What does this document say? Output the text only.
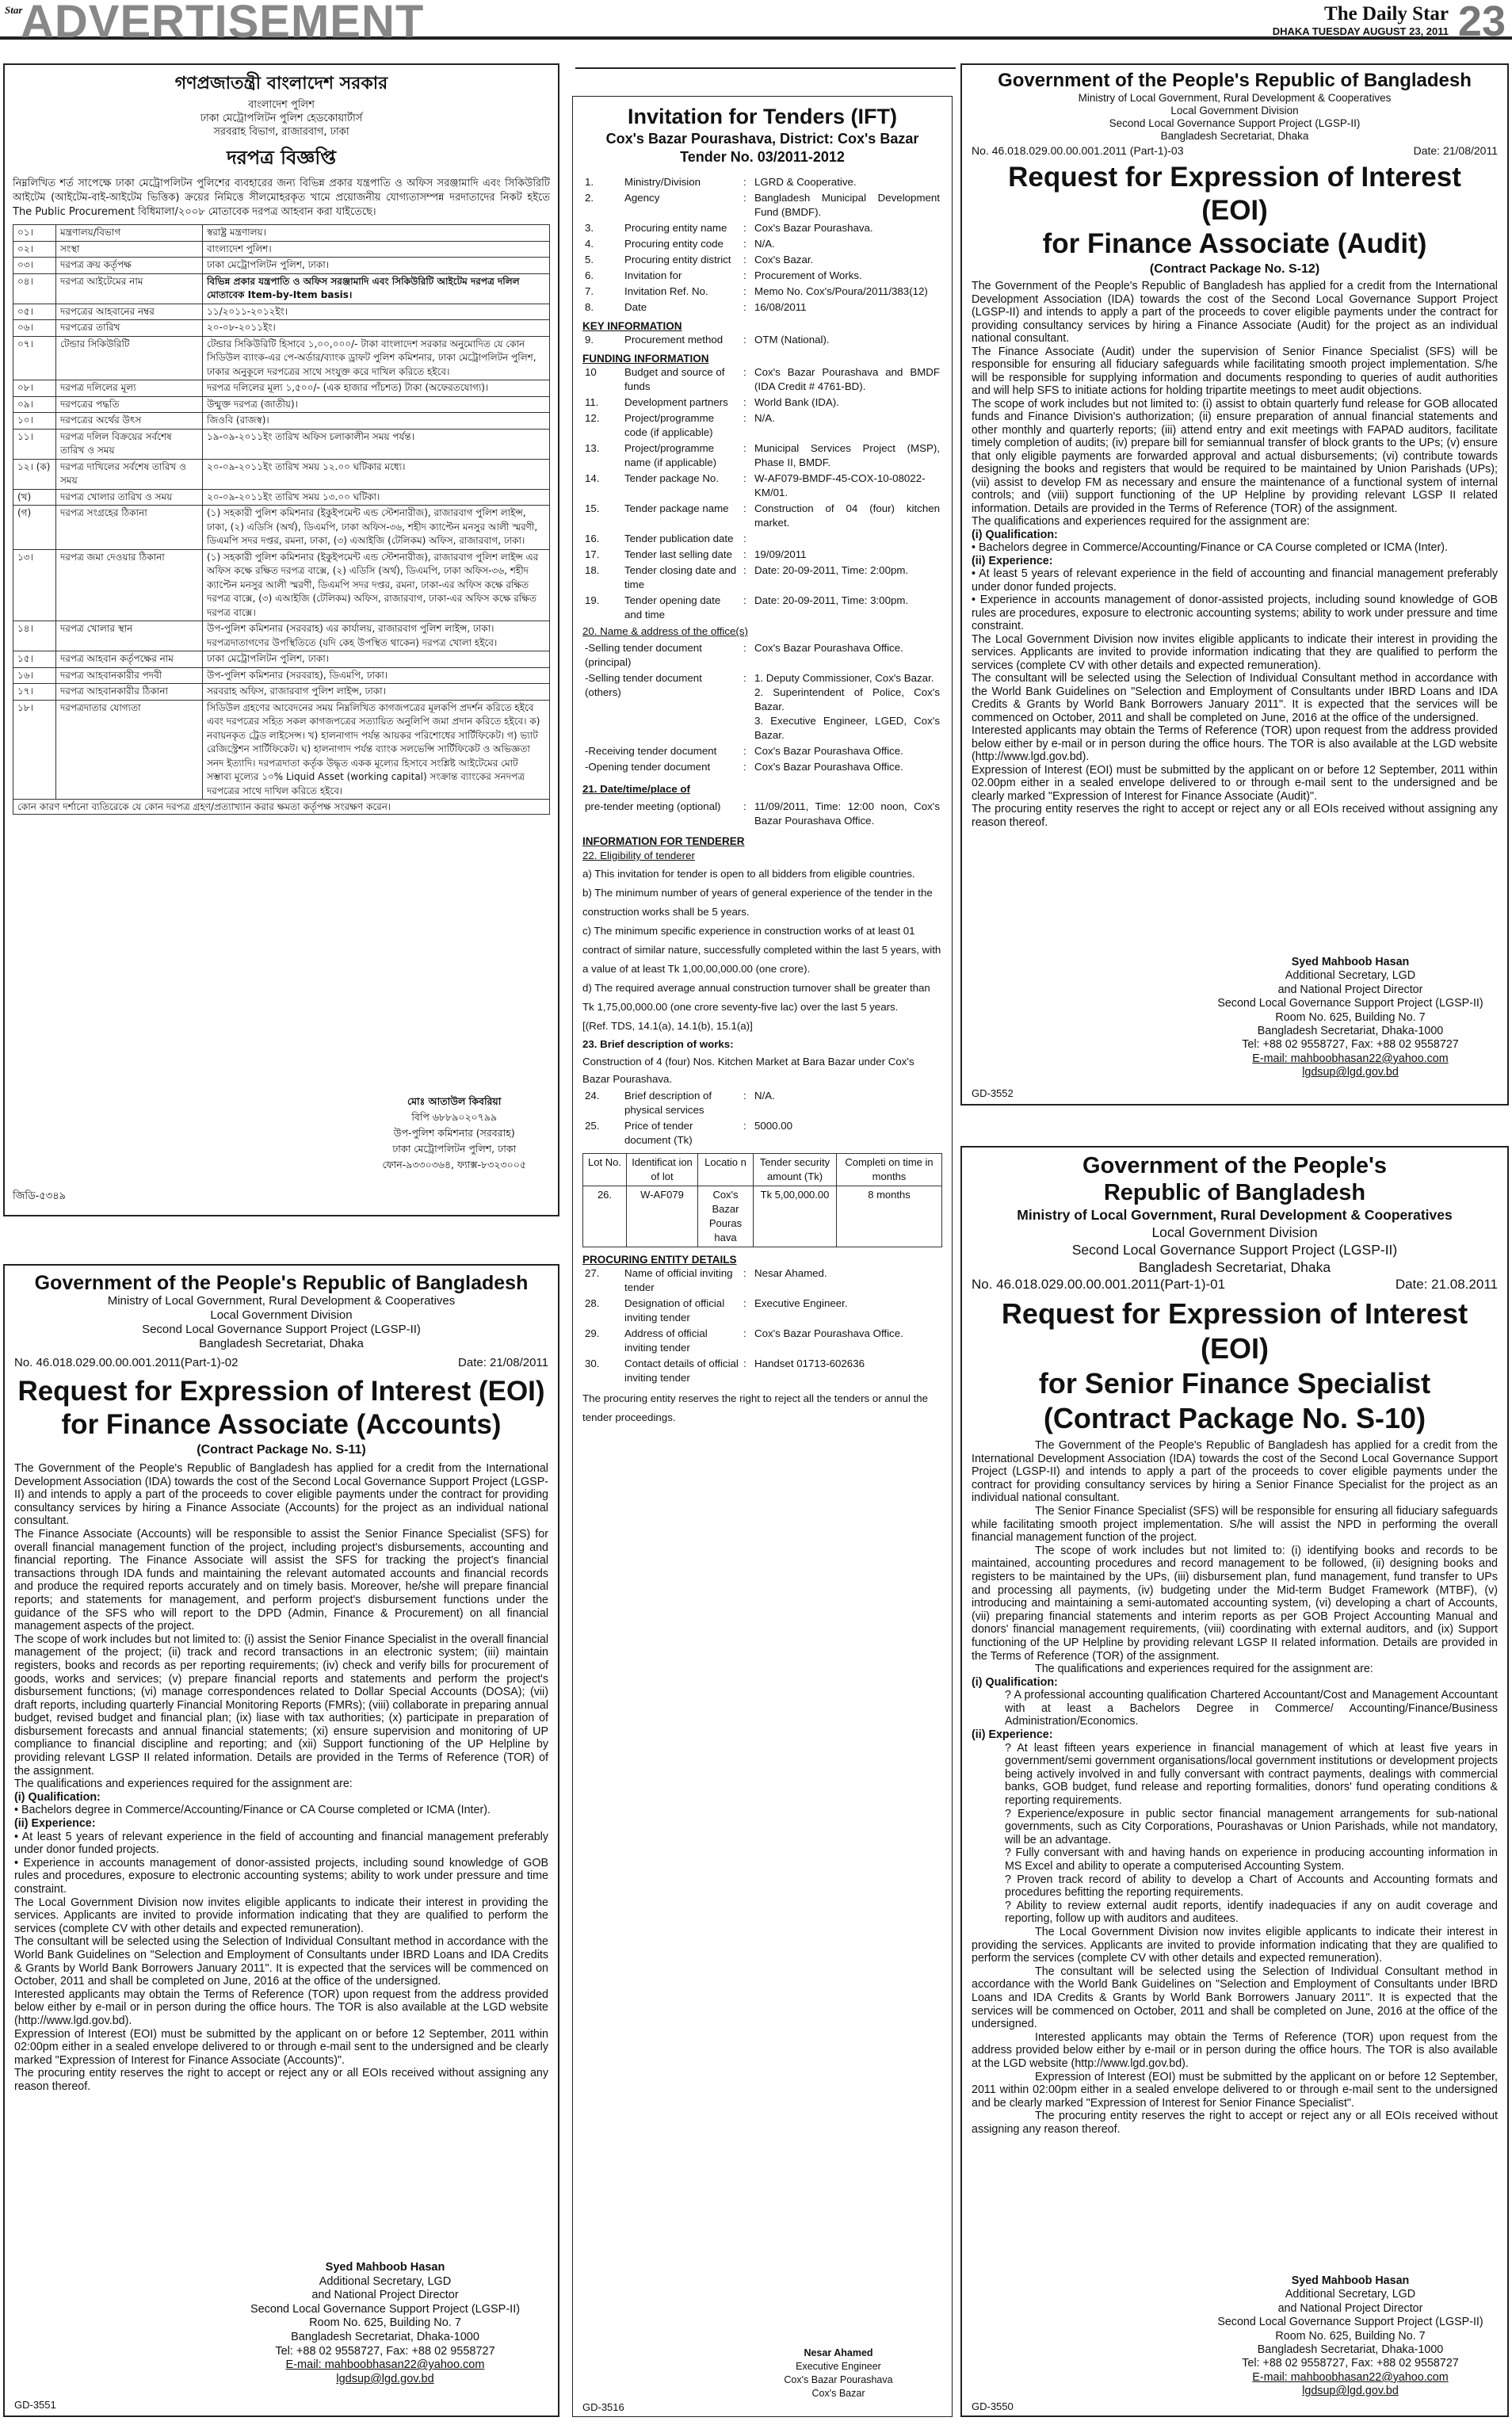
Star
ADVERTISEMENT	The Daily Star
DHAKA TUESDAY AUGUST 23, 2011 23
গণপ্রজাতন্ত্রী বাংলাদেশ সরকার
বাংলাদেশ পুলিশ
ঢাকা মেট্রোপলিটন পুলিশ হেডকোয়ার্টার্স
সরবরাহ বিভাগ, রাজারবাগ, ঢাকা
দরপত্র বিজ্ঞপ্তি

নিম্নলিখিত শর্ত সাপেক্ষে ঢাকা মেট্রোপলিটন পুলিশের ব্যবহারের জন্য বিভিন্ন প্রকার যন্ত্রপাতি ও অফিস সরঞ্জামাদি এবং সিকিউরিটি আইটেম (আইটেম-বাই-আইটেম ভিত্তিক) ক্রয়ের নিমিত্তে সীলমোহরকৃত খামে প্রয়োজনীয় যোগ্যতাসম্পন্ন দরদাতাদের নিকট হইতে The Public Procurement বিধিমালা/২০০৮ মোতাবেক দরপত্র আহবান করা যাইতেছে।

০১।	মন্ত্রণালয়/বিভাগ	স্বরাষ্ট্র মন্ত্রণালয়।
০২।	সংস্থা	বাংলাদেশ পুলিশ।
০৩।	দরপত্র ক্রয় কর্তৃপক্ষ	ঢাকা মেট্রোপলিটন পুলিশ, ঢাকা।
০৪।	দরপত্র আইটেমের নাম	বিভিন্ন প্রকার যন্ত্রপাতি ও অফিস সরঞ্জামাদি এবং সিকিউরিটি আইটেম দরপত্র দলিল মোতাবেক Item-by-Item basis।
০৫।	দরপত্রের আহবানের নম্বর	১১/২০১১-২০১২ইং।
০৬।	দরপত্রের তারিখ	২০-০৮-২০১১ইং।
০৭।	টেন্ডার সিকিউরিটি	টেন্ডার সিকিউরিটি হিসাবে ১,০০,০০০/- টাকা বাংলাদেশ সরকার অনুমোদিত যে কোন সিডিউল ব্যাংক-এর পে-অর্ডার/ব্যাংক ড্রাফট পুলিশ কমিশনার, ঢাকা মেট্রোপলিটন পুলিশ, ঢাকার অনুকূলে দরপত্রের সাথে সংযুক্ত করে দাখিল করিতে হইবে।
০৮।	দরপত্র দলিলের মূল্য	দরপত্র দলিলের মূল্য ১,৫০০/- (এক হাজার পাঁচশত) টাকা (অফেরতযোগ্য)।
০৯।	দরপত্রের পদ্ধতি	উন্মুক্ত দরপত্র (জাতীয়)।
১০।	দরপত্রের অর্থের উৎস	জিওবি (রাজস্ব)।
১১।	দরপত্র দলিল বিক্রয়ের সর্বশেষ তারিখ ও সময়	১৯-০৯-২০১১ইং তারিখ অফিস চলাকালীন সময় পর্যন্ত।
১২। (ক)	দরপত্র দাখিলের সর্বশেষ তারিখ ও সময়	২০-০৯-২০১১ইং তারিখ সময় ১২.০০ ঘটিকার মধ্যে।
(খ)	দরপত্র খোলার তারিখ ও সময়	২০-০৯-২০১১ইং তারিখ সময় ১৩.০০ ঘটিকা।
(গ)	দরপত্র সংগ্রহের ঠিকানা	(১) সহকারী পুলিশ কমিশনার (ইকুইপমেন্ট এন্ড স্টেশনারীজ), রাজারবাগ পুলিশ লাইন্স, ঢাকা, (২) এডিসি (অর্থ), ডিএমপি, ঢাকা অফিস-৩৬, শহীদ ক্যাপ্টেন মনসুর আলী স্মরণী, ডিএমপি সদর দপ্তর, রমনা, ঢাকা, (৩) এআইজি (টেলিকম) অফিস, রাজারবাগ, ঢাকা।
১৩।	দরপত্র জমা দেওয়ার ঠিকানা	(১) সহকারী পুলিশ কমিশনার (ইকুইপমেন্ট এন্ড স্টেশনারীজ), রাজারবাগ পুলিশ লাইন্স এর অফিস কক্ষে রক্ষিত দরপত্র বাক্সে, (২) এডিসি (অর্থ), ডিএমপি, ঢাকা অফিস-৩৬, শহীদ ক্যাপ্টেন মনসুর আলী স্মরণী, ডিএমপি সদর দপ্তর, রমনা, ঢাকা-এর অফিস কক্ষে রক্ষিত দরপত্র বাক্সে, (৩) এআইজি (টেলিকম) অফিস, রাজারবাগ, ঢাকা-এর অফিস কক্ষে রক্ষিত দরপত্র বাক্সে।
১৪।	দরপত্র খোলার স্থান	উপ-পুলিশ কমিশনার (সরবরাহ) এর কার্যালয়, রাজারবাগ পুলিশ লাইন্স, ঢাকা। দরপত্রদাতাগণের উপস্থিতিতে (যদি কেহ উপস্থিত থাকেন) দরপত্র খোলা হইবে।
১৫।	দরপত্র আহবান কর্তৃপক্ষের নাম	ঢাকা মেট্রোপলিটন পুলিশ, ঢাকা।
১৬।	দরপত্র আহবানকারীর পদবী	উপ-পুলিশ কমিশনার (সরবরাহ), ডিএমপি, ঢাকা।
১৭।	দরপত্র আহবানকারীর ঠিকানা	সরবরাহ অফিস, রাজারবাগ পুলিশ লাইন্স, ঢাকা।
১৮।	দরপত্রদাতার যোগ্যতা	সিডিউল গ্রহণের আবেদনের সময় নিম্নলিখিত কাগজপত্রের মূলকপি প্রদর্শন করিতে হইবে এবং দরপত্রের সহিত সকল কাগজপত্রের সত্যায়িত অনুলিপি জমা প্রদান করিতে হইবে। ক) নবায়নকৃত ট্রেড লাইসেন্স। খ) হালনাগাদ পর্যন্ত আয়কর পরিশোধের সার্টিফিকেট। গ) ভ্যাট রেজিস্ট্রেশন সার্টিফিকেট। ঘ) হালনাগাদ পর্যন্ত ব্যাংক সলভেন্সি সার্টিফিকেট ও অভিজ্ঞতা সনদ ইত্যাদি। দরপত্রদাতা কর্তৃক উদ্ধৃত একক মূল্যের হিসাবে সংশ্লিষ্ট আইটেমের মোট সম্ভাব্য মূল্যের ১০% Liquid Asset (working capital) সংক্রান্ত ব্যাংকের সনদপত্র দরপত্রের সাথে দাখিল করিতে হইবে।

কোন কারণ দর্শানো ব্যতিরেকে যে কোন দরপত্র গ্রহণ/প্রত্যাখ্যান করার ক্ষমতা কর্তৃপক্ষ সংরক্ষণ করেন।

মোঃ আতাউল কিবরিয়া
বিপি ৬৮৮৯০২০৭৯৯
উপ-পুলিশ কমিশনার (সরবরাহ)
ঢাকা মেট্রোপলিটন পুলিশ, ঢাকা
ফোন-৯৩৩০৩৬৪, ফ্যাক্স-৮৩২৩০০৫
জিডি-৫৩৪৯
Government of the People's Republic of Bangladesh
Ministry of Local Government, Rural Development & Cooperatives
Local Government Division
Second Local Governance Support Project (LGSP-II)
Bangladesh Secretariat, Dhaka
No. 46.018.029.00.00.001.2011(Part-1)-02	Date: 21/08/2011
Request for Expression of Interest (EOI)
for Finance Associate (Accounts)
(Contract Package No. S-11)

The Government of the People's Republic of Bangladesh has applied for a credit from the International Development Association (IDA) towards the cost of the Second Local Governance Support Project (LGSP-II) and intends to apply a part of the proceeds to cover eligible payments under the contract for providing consultancy services by hiring a Finance Associate (Accounts) for the project as an individual national consultant.

The Finance Associate (Accounts) will be responsible to assist the Senior Finance Specialist (SFS) for overall financial management function of the project, including project's disbursements, accounting and financial reporting. The Finance Associate will assist the SFS for tracking the project's financial transactions through IDA funds and maintaining the relevant automated accounts and financial records and produce the required reports accurately and on timely basis. Moreover, he/she will prepare financial reports; and statements for management, and perform project's disbursement functions under the guidance of the SFS who will report to the DPD (Admin, Finance & Procurement) on all financial management aspects of the project.

The scope of work includes but not limited to: (i) assist the Senior Finance Specialist in the overall financial management of the project; (ii) track and record transactions in an electronic system; (iii) maintain registers, books and records as per reporting requirements; (iv) check and verify bills for procurement of goods, works and services; (v) prepare financial reports and statements and perform the project's disbursement functions; (vi) manage correspondences related to Dollar Special Accounts (DOSA); (vii) draft reports, including quarterly Financial Monitoring Reports (FMRs); (viii) collaborate in preparing annual budget, revised budget and financial plan; (ix) liase with tax authorities; (x) participate in preparation of disbursement forecasts and annual financial statements; (xi) ensure supervision and monitoring of UP compliance to financial discipline and reporting; and (xii) Support functioning of the UP Helpline by providing relevant LGSP II related information. Details are provided in the Terms of Reference (TOR) of the assignment.

The qualifications and experiences required for the assignment are:

(i) Qualification:

• Bachelors degree in Commerce/Accounting/Finance or CA Course completed or ICMA (Inter).

(ii) Experience:

• At least 5 years of relevant experience in the field of accounting and financial management preferably under donor funded projects.

• Experience in accounts management of donor-assisted projects, including sound knowledge of GOB rules and procedures, exposure to electronic accounting systems; ability to work under pressure and time constraint.

The Local Government Division now invites eligible applicants to indicate their interest in providing the services. Applicants are invited to provide information indicating that they are qualified to perform the services (complete CV with other details and expected remuneration).

The consultant will be selected using the Selection of Individual Consultant method in accordance with the World Bank Guidelines on "Selection and Employment of Consultants under IBRD Loans and IDA Credits & Grants by World Bank Borrowers January 2011". It is expected that the services will be commenced on October, 2011 and shall be completed on June, 2016 at the office of the undersigned.

Interested applicants may obtain the Terms of Reference (TOR) upon request from the address provided below either by e-mail or in person during the office hours. The TOR is also available at the LGD website (http://www.lgd.gov.bd).

Expression of Interest (EOI) must be submitted by the applicant on or before 12 September, 2011 within 02:00pm either in a sealed envelope delivered to or through e-mail sent to the undersigned and be clearly marked "Expression of Interest for Finance Associate (Accounts)".

The procuring entity reserves the right to accept or reject any or all EOIs received without assigning any reason thereof.

Syed Mahboob Hasan
Additional Secretary, LGD
and National Project Director
Second Local Governance Support Project (LGSP-II)
Room No. 625, Building No. 7
Bangladesh Secretariat, Dhaka-1000
Tel: +88 02 9558727, Fax: +88 02 9558727
E-mail: mahboobhasan22@yahoo.com
lgdsup@lgd.gov.bd
GD-3551
Invitation for Tenders (IFT)
Cox's Bazar Pourashava, District: Cox's Bazar
Tender No. 03/2011-2012
1.	Ministry/Division	:	LGRD & Cooperative.
2.	Agency	:	Bangladesh Municipal Development Fund (BMDF).
3.	Procuring entity name	:	Cox's Bazar Pourashava.
4.	Procuring entity code	:	N/A.
5.	Procuring entity district	:	Cox's Bazar.
6.	Invitation for	:	Procurement of Works.
7.	Invitation Ref. No.	:	Memo No. Cox's/Poura/2011/383(12)
8.	Date	:	16/08/2011
KEY INFORMATION
9.	Procurement method	:	OTM (National).
FUNDING INFORMATION
10	Budget and source of funds	:	Cox's Bazar Pourashava and BMDF (IDA Credit # 4761-BD).
11.	Development partners	:	World Bank (IDA).
12.	Project/programme code (if applicable)	:	N/A.
13.	Project/programme name (if applicable)	:	Municipal Services Project (MSP), Phase II, BMDF.
14.	Tender package No.	:	W-AF079-BMDF-45-COX-10-08022-KM/01.
15.	Tender package name	:	Construction of 04 (four) kitchen market.
16.	Tender publication date	:	
17.	Tender last selling date	:	19/09/2011
18.	Tender closing date and time	:	Date: 20-09-2011, Time: 2:00pm.
19.	Tender opening date and time	:	Date: 20-09-2011, Time: 3:00pm.
20. Name & address of the office(s)
-Selling tender document (principal)	:	Cox's Bazar Pourashava Office.
-Selling tender document (others)	:	1. Deputy Commissioner, Cox's Bazar.
2. Superintendent of Police, Cox's Bazar.
3. Executive Engineer, LGED, Cox's Bazar.
-Receiving tender document	:	Cox's Bazar Pourashava Office.
-Opening tender document	:	Cox's Bazar Pourashava Office.
21. Date/time/place of
pre-tender meeting (optional)	:	11/09/2011, Time: 12:00 noon, Cox's Bazar Pourashava Office.
INFORMATION FOR TENDERER
22. Eligibility of tenderer

a) This invitation for tender is open to all bidders from eligible countries.

b) The minimum number of years of general experience of the tender in the construction works shall be 5 years.

c) The minimum specific experience in construction works of at least 01 contract of similar nature, successfully completed within the last 5 years, with a value of at least Tk 1,00,00,000.00 (one crore).

d) The required average annual construction turnover shall be greater than Tk 1,75,00,000.00 (one crore seventy-five lac) over the last 5 years.

[(Ref. TDS, 14.1(a), 14.1(b), 15.1(a)]

23. Brief description of works:

Construction of 4 (four) Nos. Kitchen Market at Bara Bazar under Cox's Bazar Pourashava.

24.	Brief description of physical services	:	N/A.
25.	Price of tender document (Tk)	:	5000.00
Lot No.	Identificat ion of lot	Locatio n	Tender security amount (Tk)	Completi on time in months
26.	W-AF079	Cox's Bazar Pouras hava	Tk 5,00,000.00	8 months
PROCURING ENTITY DETAILS
27.	Name of official inviting tender	:	Nesar Ahamed.
28.	Designation of official inviting tender	:	Executive Engineer.
29.	Address of official inviting tender	:	Cox's Bazar Pourashava Office.
30.	Contact details of official inviting tender	:	Handset 01713-602636

The procuring entity reserves the right to reject all the tenders or annul the tender proceedings.

Nesar Ahamed
Executive Engineer
Cox's Bazar Pourashava
Cox's Bazar
GD-3516
Government of the People's Republic of Bangladesh
Ministry of Local Government, Rural Development & Cooperatives
Local Government Division
Second Local Governance Support Project (LGSP-II)
Bangladesh Secretariat, Dhaka
No. 46.018.029.00.00.001.2011 (Part-1)-03	Date: 21/08/2011
Request for Expression of Interest (EOI)
for Finance Associate (Audit)
(Contract Package No. S-12)

The Government of the People's Republic of Bangladesh has applied for a credit from the International Development Association (IDA) towards the cost of the Second Local Governance Support Project (LGSP-II) and intends to apply a part of the proceeds to cover eligible payments under the contract for providing consultancy services by hiring a Finance Associate (Audit) for the project as an individual national consultant.

The Finance Associate (Audit) under the supervision of Senior Finance Specialist (SFS) will be responsible for ensuring all fiduciary safeguards while facilitating smooth project implementation. S/he will be responsible for supplying information and documents responding to queries of audit authorities and will help SFS to initiate actions for holding tripartite meetings to meet audit objections.

The scope of work includes but not limited to: (i) assist to obtain quarterly fund release for GOB allocated funds and Finance Division's authorization; (ii) ensure preparation of annual financial statements and other monthly and quarterly reports; (iii) attend entry and exit meetings with FAPAD auditors, facilitate timely completion of audits; (iv) prepare bill for semiannual transfer of block grants to the UPs; (v) ensure that only eligible payments are forwarded approval and actual disbursements; (vi) contribute towards designing the books and registers that would be required to be maintained by Union Parishads (UPs); (vii) assist to develop FM as necessary and ensure the maintenance of a functional system of internal controls; and (viii) support functioning of the UP Helpline by providing relevant LGSP II related information. Details are provided in the Terms of Reference (TOR) of the assignment.

The qualifications and experiences required for the assignment are:

(i) Qualification:

• Bachelors degree in Commerce/Accounting/Finance or CA Course completed or ICMA (Inter).

(ii) Experience:

• At least 5 years of relevant experience in the field of accounting and financial management preferably under donor funded projects.

• Experience in accounts management of donor-assisted projects, including sound knowledge of GOB rules are procedures, exposure to electronic accounting systems; ability to work under pressure and time constraint.

The Local Government Division now invites eligible applicants to indicate their interest in providing the services. Applicants are invited to provide information indicating that they are qualified to perform the services (complete CV with other details and expected remuneration).

The consultant will be selected using the Selection of Individual Consultant method in accordance with the World Bank Guidelines on "Selection and Employment of Consultants under IBRD Loans and IDA Credits & Grants by World Bank Borrowers January 2011". It is expected that the services will be commenced on October, 2011 and shall be completed on June, 2016 at the office of the undersigned.

Interested applicants may obtain the Terms of Reference (TOR) upon request from the address provided below either by e-mail or in person during the office hours. The TOR is also available at the LGD website (http://www.lgd.gov.bd).

Expression of Interest (EOI) must be submitted by the applicant on or before 12 September, 2011 within 02.00pm either in a sealed envelope delivered to or through e-mail sent to the undersigned and be clearly marked "Expression of Interest for Finance Associate (Audit)".

The procuring entity reserves the right to accept or reject any or all EOIs received without assigning any reason thereof.

Syed Mahboob Hasan
Additional Secretary, LGD
and National Project Director
Second Local Governance Support Project (LGSP-II)
Room No. 625, Building No. 7
Bangladesh Secretariat, Dhaka-1000
Tel: +88 02 9558727, Fax: +88 02 9558727
E-mail: mahboobhasan22@yahoo.com
lgdsup@lgd.gov.bd
GD-3552
Government of the People's
Republic of Bangladesh
Ministry of Local Government, Rural Development & Cooperatives
Local Government Division
Second Local Governance Support Project (LGSP-II)
Bangladesh Secretariat, Dhaka
No. 46.018.029.00.00.001.2011(Part-1)-01	Date: 21.08.2011
Request for Expression of Interest (EOI)
for Senior Finance Specialist
(Contract Package No. S-10)

The Government of the People's Republic of Bangladesh has applied for a credit from the International Development Association (IDA) towards the cost of the Second Local Governance Support Project (LGSP-II) and intends to apply a part of the proceeds to cover eligible payments under the contract for providing consultancy services by hiring a Senior Finance Specialist for the project as an individual national consultant.

The Senior Finance Specialist (SFS) will be responsible for ensuring all fiduciary safeguards while facilitating smooth project implementation. S/he will assist the NPD in performing the overall financial management function of the project.

The scope of work includes but not limited to: (i) identifying books and records to be maintained, accounting procedures and record management to be followed, (ii) designing books and registers to be maintained by the UPs, (iii) disbursement plan, fund management, fund transfer to UPs and processing all payments, (iv) budgeting under the Mid-term Budget Framework (MTBF), (v) introducing and maintaining a semi-automated accounting system, (vi) developing a chart of Accounts, (vii) preparing financial statements and interim reports as per GOB Project Accounting Manual and donors' financial management requirements, (viii) coordinating with external auditors, and (ix) Support functioning of the UP Helpline by providing relevant LGSP II related information. Details are provided in the Terms of Reference (TOR) of the assignment.

The qualifications and experiences required for the assignment are:

(i) Qualification:

? A professional accounting qualification Chartered Accountant/Cost and Management Accountant with at least a Bachelors Degree in Commerce/ Accounting/Finance/Business Administration/Economics.

(ii) Experience:

? At least fifteen years experience in financial management of which at least five years in government/semi government organisations/local government institutions or development projects being actively involved in and fully conversant with contract payments, dealings with commercial banks, GOB budget, fund release and reporting formalities, donors' fund operating conditions & reporting requirements.

? Experience/exposure in public sector financial management arrangements for sub-national governments, such as City Corporations, Pourashavas or Union Parishads, while not mandatory, will be an advantage.

? Fully conversant with and having hands on experience in producing accounting information in MS Excel and ability to operate a computerised Accounting System.

? Proven track record of ability to develop a Chart of Accounts and Accounting formats and procedures befitting the reporting requirements.

? Ability to review external audit reports, identify inadequacies if any on audit coverage and reporting, follow up with auditors and auditees.

The Local Government Division now invites eligible applicants to indicate their interest in providing the services. Applicants are invited to provide information indicating that they are qualified to perform the services (complete CV with other details and expected remuneration).

The consultant will be selected using the Selection of Individual Consultant method in accordance with the World Bank Guidelines on "Selection and Employment of Consultants under IBRD Loans and IDA Credits & Grants by World Bank Borrowers January 2011". It is expected that the services will be commenced on October, 2011 and shall be completed on June, 2016 at the office of the undersigned.

Interested applicants may obtain the Terms of Reference (TOR) upon request from the address provided below either by e-mail or in person during the office hours. The TOR is also available at the LGD website (http://www.lgd.gov.bd).

Expression of Interest (EOI) must be submitted by the applicant on or before 12 September, 2011 within 02:00pm either in a sealed envelope delivered to or through e-mail sent to the undersigned and be clearly marked "Expression of Interest for Senior Finance Specialist".

The procuring entity reserves the right to accept or reject any or all EOIs received without assigning any reason thereof.

Syed Mahboob Hasan
Additional Secretary, LGD
and National Project Director
Second Local Governance Support Project (LGSP-II)
Room No. 625, Building No. 7
Bangladesh Secretariat, Dhaka-1000
Tel: +88 02 9558727, Fax: +88 02 9558727
E-mail: mahboobhasan22@yahoo.com
lgdsup@lgd.gov.bd
GD-3550
